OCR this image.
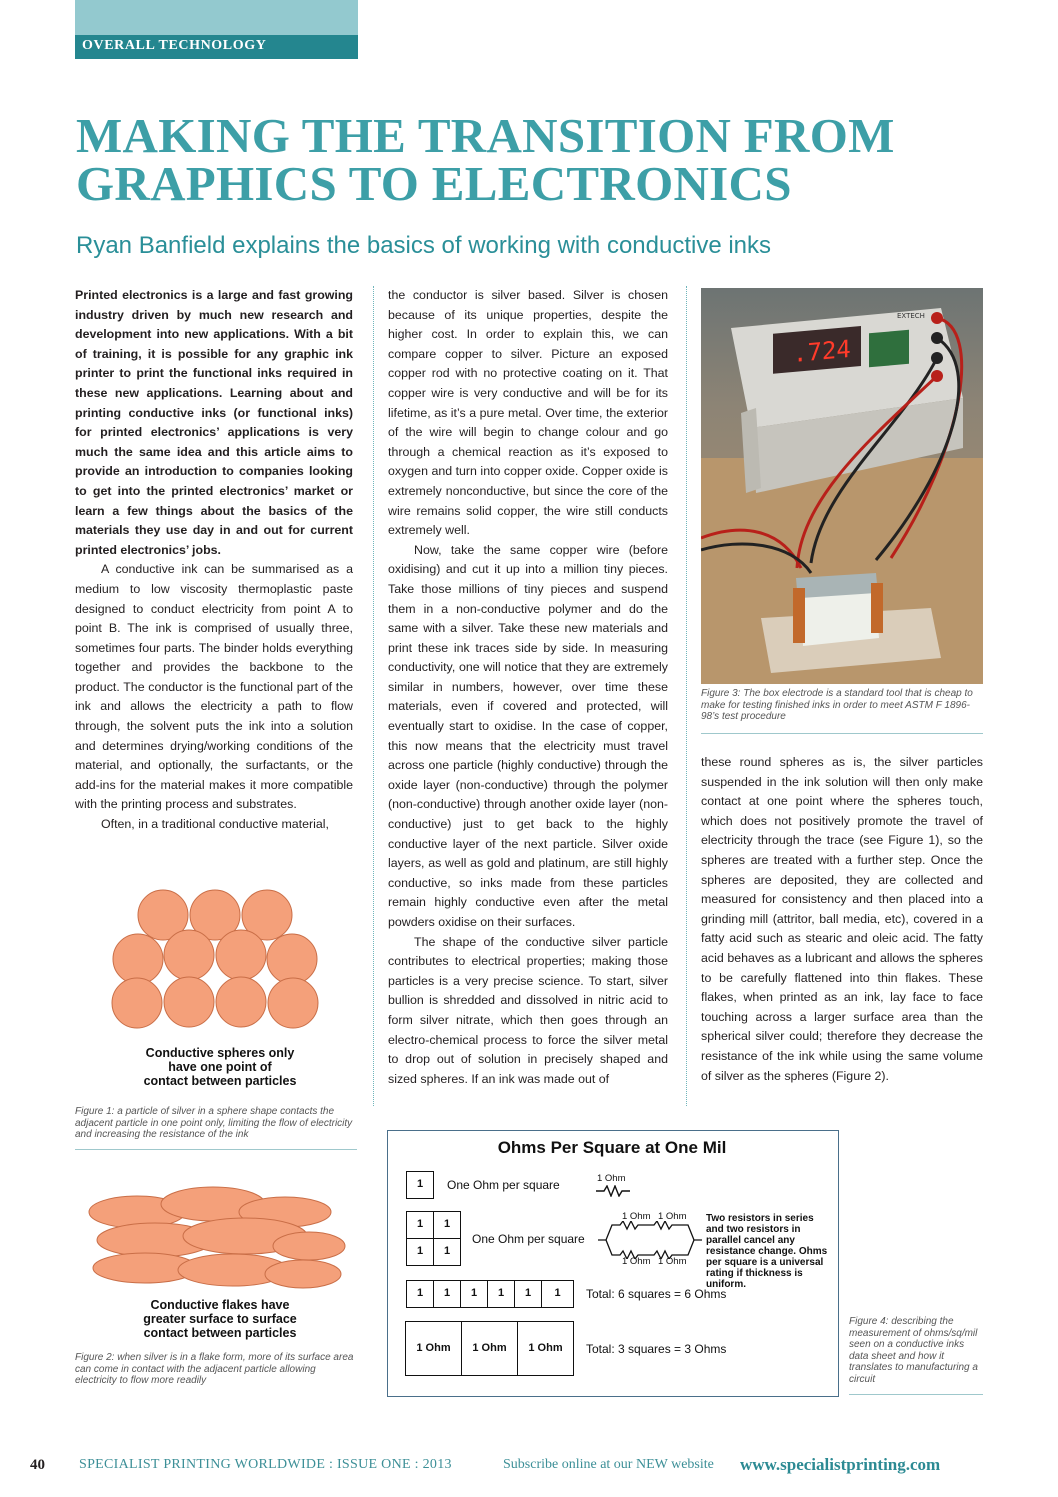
OVERALL TECHNOLOGY
MAKING THE TRANSITION FROM
GRAPHICS TO ELECTRONICS
Ryan Banfield explains the basics of working with conductive inks

Printed electronics is a large and fast growing industry driven by much new research and development into new applications. With a bit of training, it is possible for any graphic ink printer to print the functional inks required in these new applications. Learning about and printing conductive inks (or functional inks) for printed electronics’ applications is very much the same idea and this article aims to provide an introduction to companies looking to get into the printed electronics’ market or learn a few things about the basics of the materials they use day in and out for current printed electronics’ jobs.

A conductive ink can be summarised as a medium to low viscosity thermoplastic paste designed to conduct electricity from point A to point B. The ink is comprised of usually three, sometimes four parts. The binder holds everything together and provides the backbone to the product. The conductor is the functional part of the ink and allows the electricity a path to flow through, the solvent puts the ink into a solution and determines drying/working conditions of the material, and optionally, the surfactants, or the add-ins for the material makes it more compatible with the printing process and substrates.

Often, in a traditional conductive material,

Conductive spheres only
have one point of
contact between particles
Figure 1: a particle of silver in a sphere shape contacts the adjacent particle in one point only, limiting the flow of electricity and increasing the resistance of the ink
Conductive flakes have
greater surface to surface
contact between particles
Figure 2: when silver is in a flake form, more of its surface area can come in contact with the adjacent particle allowing electricity to flow more readily

the conductor is silver based. Silver is chosen because of its unique properties, despite the higher cost. In order to explain this, we can compare copper to silver. Picture an exposed copper rod with no protective coating on it. That copper wire is very conductive and will be for its lifetime, as it’s a pure metal. Over time, the exterior of the wire will begin to change colour and go through a chemical reaction as it’s exposed to oxygen and turn into copper oxide. Copper oxide is extremely nonconductive, but since the core of the wire remains solid copper, the wire still conducts extremely well.

Now, take the same copper wire (before oxidising) and cut it up into a million tiny pieces. Take those millions of tiny pieces and suspend them in a non-conductive polymer and do the same with a silver. Take these new materials and print these ink traces side by side. In measuring conductivity, one will notice that they are extremely similar in numbers, however, over time these materials, even if covered and protected, will eventually start to oxidise. In the case of copper, this now means that the electricity must travel across one particle (highly conductive) through the oxide layer (non-conductive) through the polymer (non-conductive) through another oxide layer (non-conductive) just to get back to the highly conductive layer of the next particle. Silver oxide layers, as well as gold and platinum, are still highly conductive, so inks made from these particles remain highly conductive even after the metal powders oxidise on their surfaces.

The shape of the conductive silver particle contributes to electrical properties; making those particles is a very precise science. To start, silver bullion is shredded and dissolved in nitric acid to form silver nitrate, which then goes through an electro-chemical process to force the silver metal to drop out of solution in precisely shaped and sized spheres. If an ink was made out of

.724
EXTECH
Figure 3: The box electrode is a standard tool that is cheap to make for testing finished inks in order to meet ASTM F 1896-98’s test procedure

these round spheres as is, the silver particles suspended in the ink solution will then only make contact at one point where the spheres touch, which does not positively promote the travel of electricity through the trace (see Figure 1), so the spheres are treated with a further step. Once the spheres are deposited, they are collected and measured for consistency and then placed into a grinding mill (attritor, ball media, etc), covered in a fatty acid such as stearic and oleic acid. The fatty acid behaves as a lubricant and allows the spheres to be carefully flattened into thin flakes. These flakes, when printed as an ink, lay face to face touching across a larger surface area than the spherical silver could; therefore they decrease the resistance of the ink while using the same volume of silver as the spheres (Figure 2).

Ohms Per Square at One Mil
1	One Ohm per square	1 Ohm
1	1
1	1
One Ohm per square
1 Ohm 1 Ohm
1 Ohm 1 Ohm
Two resistors in series and two resistors in parallel cancel any resistance change. Ohms per square is a universal rating if thickness is uniform.
1	1	1	1	1	1	Total: 6 squares = 6 Ohms
1 Ohm	1 Ohm	1 Ohm	Total: 3 squares = 3 Ohms
Figure 4: describing the measurement of ohms/sq/mil seen on a conductive inks data sheet and how it translates to manufacturing a circuit
40 SPECIALIST PRINTING WORLDWIDE : ISSUE ONE : 2013	Subscribe online at our NEW website www.specialistprinting.com
